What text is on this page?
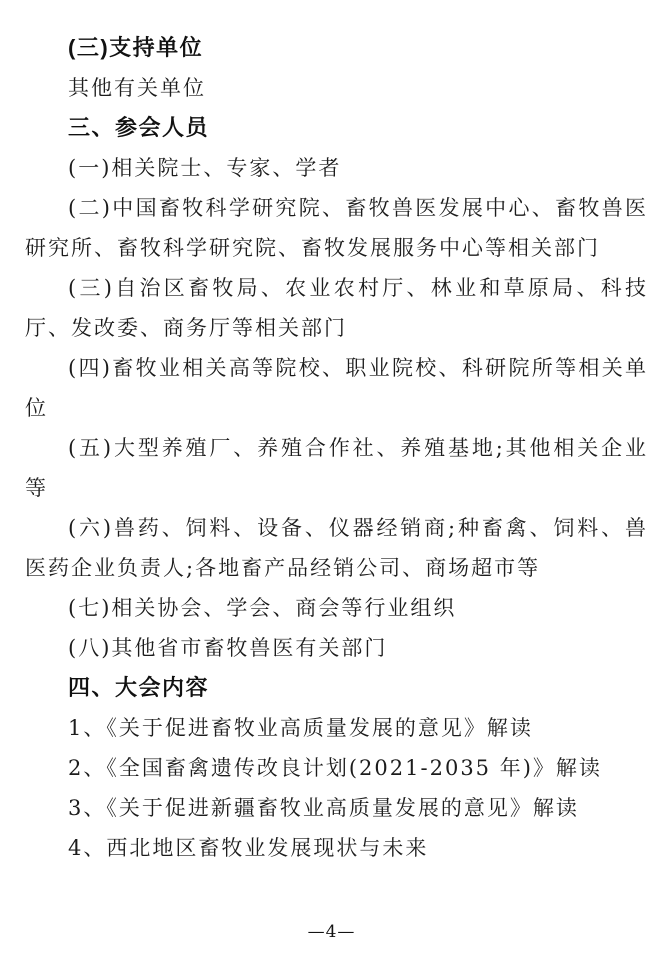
(三)支持单位
其他有关单位
三、参会人员
(一)相关院士、专家、学者
(二)中国畜牧科学研究院、畜牧兽医发展中心、畜牧兽医研究所、畜牧科学研究院、畜牧发展服务中心等相关部门
(三)自治区畜牧局、农业农村厅、林业和草原局、科技厅、发改委、商务厅等相关部门
(四)畜牧业相关高等院校、职业院校、科研院所等相关单位
(五)大型养殖厂、养殖合作社、养殖基地;其他相关企业等
(六)兽药、饲料、设备、仪器经销商;种畜禽、饲料、兽医药企业负责人;各地畜产品经销公司、商场超市等
(七)相关协会、学会、商会等行业组织
(八)其他省市畜牧兽医有关部门
四、大会内容
1、《关于促进畜牧业高质量发展的意见》解读
2、《全国畜禽遗传改良计划(2021-2035 年)》解读
3、《关于促进新疆畜牧业高质量发展的意见》解读
4、西北地区畜牧业发展现状与未来
—4—
